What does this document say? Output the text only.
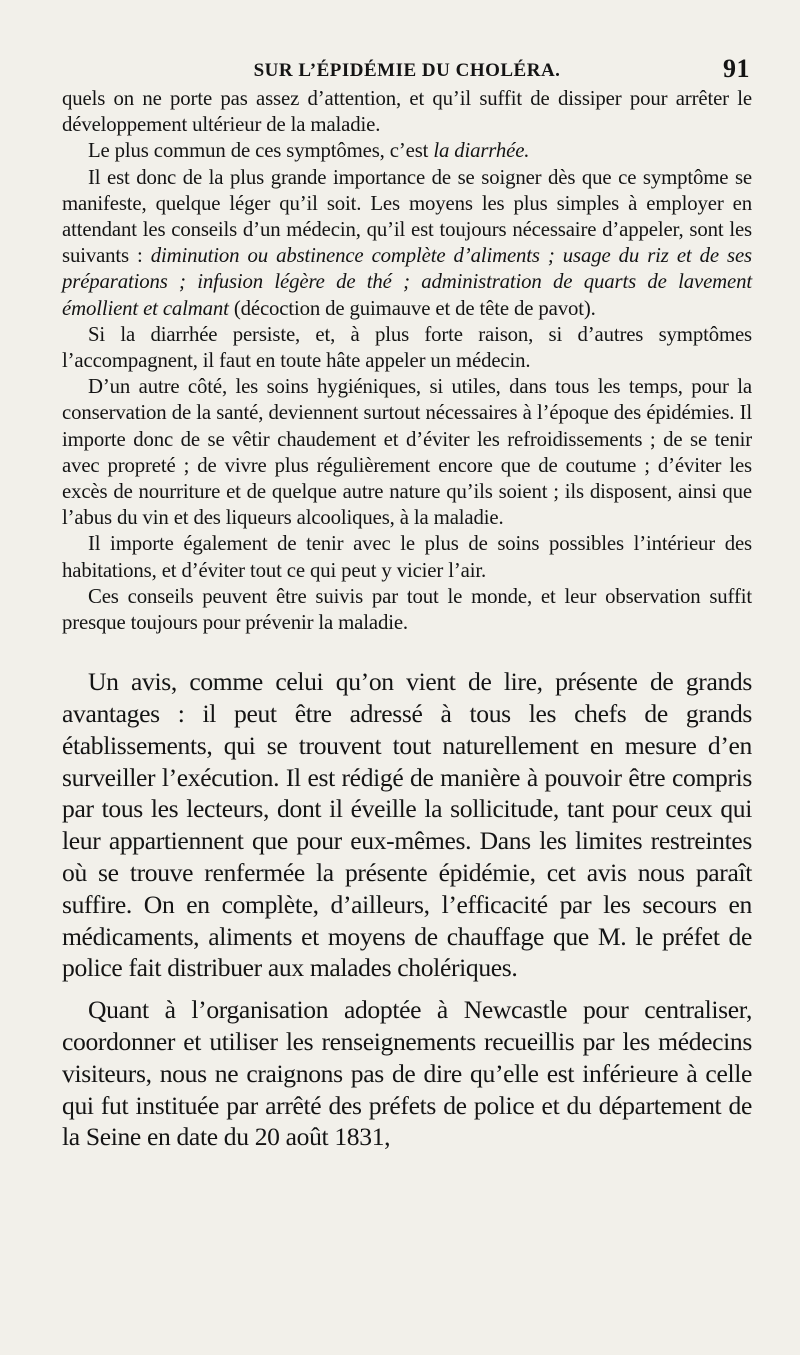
SUR L’ÉPIDÉMIE DU CHOLÉRA.	91

quels on ne porte pas assez d’attention, et qu’il suffit de dissiper pour arrêter le développement ultérieur de la maladie.

Le plus commun de ces symptômes, c’est la diarrhée.

Il est donc de la plus grande importance de se soigner dès que ce symptôme se manifeste, quelque léger qu’il soit. Les moyens les plus simples à employer en attendant les conseils d’un médecin, qu’il est toujours nécessaire d’appeler, sont les suivants : diminution ou abstinence complète d’aliments ; usage du riz et de ses préparations ; infusion légère de thé ; administration de quarts de lavement émollient et calmant (décoction de guimauve et de tête de pavot).

Si la diarrhée persiste, et, à plus forte raison, si d’autres symptômes l’accompagnent, il faut en toute hâte appeler un médecin.

D’un autre côté, les soins hygiéniques, si utiles, dans tous les temps, pour la conservation de la santé, deviennent surtout nécessaires à l’époque des épidémies. Il importe donc de se vêtir chaudement et d’éviter les refroidissements ; de se tenir avec propreté ; de vivre plus régulièrement encore que de coutume ; d’éviter les excès de nourriture et de quelque autre nature qu’ils soient ; ils disposent, ainsi que l’abus du vin et des liqueurs alcooliques, à la maladie.

Il importe également de tenir avec le plus de soins possibles l’intérieur des habitations, et d’éviter tout ce qui peut y vicier l’air.

Ces conseils peuvent être suivis par tout le monde, et leur observation suffit presque toujours pour prévenir la maladie.

Un avis, comme celui qu’on vient de lire, présente de grands avantages : il peut être adressé à tous les chefs de grands établissements, qui se trouvent tout naturellement en mesure d’en surveiller l’exécution. Il est rédigé de manière à pouvoir être compris par tous les lecteurs, dont il éveille la sollicitude, tant pour ceux qui leur appartiennent que pour eux-mêmes. Dans les limites restreintes où se trouve renfermée la présente épidémie, cet avis nous paraît suffire. On en complète, d’ailleurs, l’efficacité par les secours en médicaments, aliments et moyens de chauffage que M. le préfet de police fait distribuer aux malades cholériques.

Quant à l’organisation adoptée à Newcastle pour centraliser, coordonner et utiliser les renseignements recueillis par les médecins visiteurs, nous ne craignons pas de dire qu’elle est inférieure à celle qui fut instituée par arrêté des préfets de police et du département de la Seine en date du 20 août 1831,
